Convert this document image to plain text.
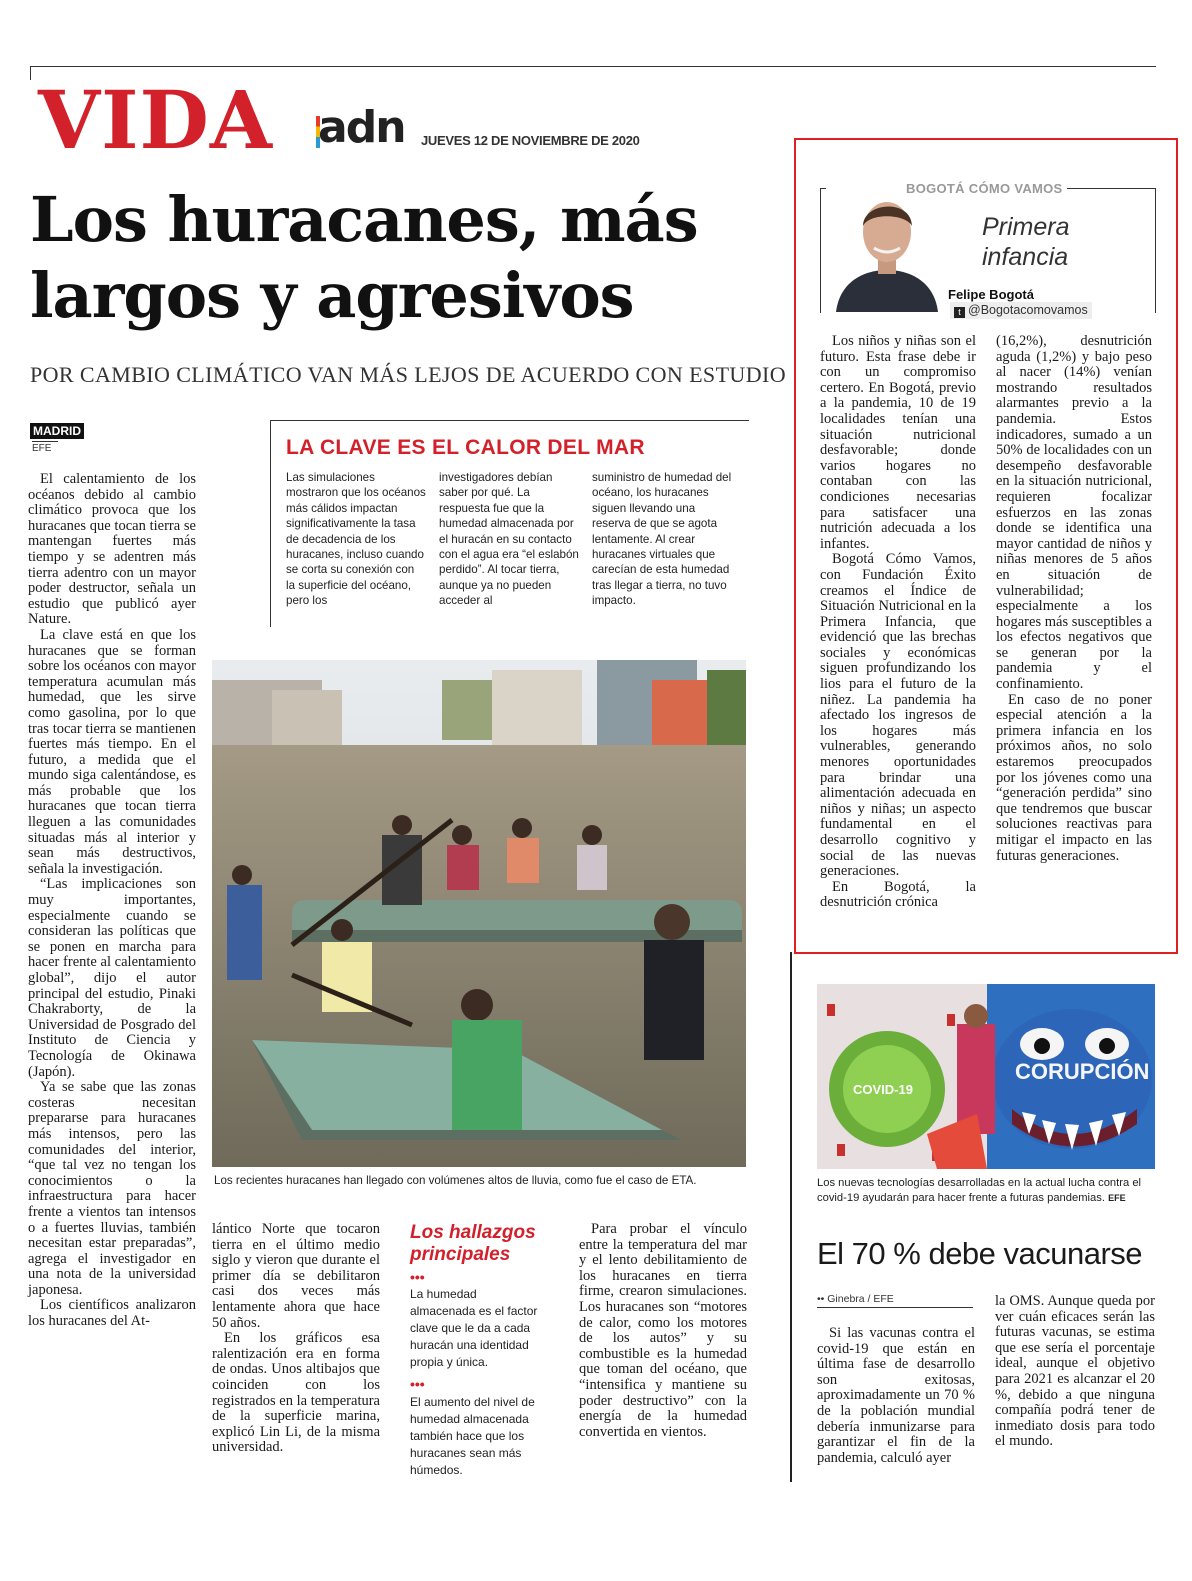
VIDA adn JUEVES 12 DE NOVIEMBRE DE 2020
Los huracanes, más
largos y agresivos
POR CAMBIO CLIMÁTICO VAN MÁS LEJOS DE ACUERDO CON ESTUDIO
MADRID
EFE

El calentamiento de los océanos debido al cambio climático provoca que los huracanes que tocan tierra se mantengan fuertes más tiempo y se adentren más tierra adentro con un mayor poder destructor, señala un estudio que publicó ayer Nature.

La clave está en que los huracanes que se forman sobre los océanos con mayor temperatura acumulan más humedad, que les sirve como gasolina, por lo que tras tocar tierra se mantienen fuertes más tiempo. En el futuro, a medida que el mundo siga calentándose, es más probable que los huracanes que tocan tierra lleguen a las comunidades situadas más al interior y sean más destructivos, señala la investigación.

“Las implicaciones son muy importantes, especialmente cuando se consideran las políticas que se ponen en marcha para hacer frente al calentamiento global”, dijo el autor principal del estudio, Pinaki Chakraborty, de la Universidad de Posgrado del Instituto de Ciencia y Tecnología de Okinawa (Japón).

Ya se sabe que las zonas costeras necesitan prepararse para huracanes más intensos, pero las comunidades del interior, “que tal vez no tengan los conocimientos o la infraestructura para hacer frente a vientos tan intensos o a fuertes lluvias, también necesitan estar preparadas”, agrega el investigador en una nota de la universidad japonesa.

Los científicos analizaron los huracanes del At-

LA CLAVE ES EL CALOR DEL MAR
Las simulaciones mostraron que los océanos más cálidos impactan significativamente la tasa de decadencia de los huracanes, incluso cuando se corta su conexión con la superficie del océano, pero los
investigadores debían saber por qué. La respuesta fue que la humedad almacenada por el huracán en su contacto con el agua era “el eslabón perdido”. Al tocar tierra, aunque ya no pueden acceder al
suministro de humedad del océano, los huracanes siguen llevando una reserva de que se agota lentamente. Al crear huracanes virtuales que carecían de esta humedad tras llegar a tierra, no tuvo impacto.
Los recientes huracanes han llegado con volúmenes altos de lluvia, como fue el caso de ETA.

lántico Norte que tocaron tierra en el último medio siglo y vieron que durante el primer día se debilitaron casi dos veces más lentamente ahora que hace 50 años.

En los gráficos esa ralentización era en forma de ondas. Unos altibajos que coinciden con los registrados en la temperatura de la superficie marina, explicó Lin Li, de la misma universidad.

Los hallazgos
principales
•••
La humedad almacenada es el factor clave que le da a cada huracán una identidad propia y única.
•••
El aumento del nivel de humedad almacenada también hace que los huracanes sean más húmedos.

Para probar el vínculo entre la temperatura del mar y el lento debilitamiento de los huracanes en tierra firme, crearon simulaciones. Los huracanes son “motores de calor, como los motores de los autos” y su combustible es la humedad que toman del océano, que “intensifica y mantiene su poder destructivo” con la energía de la humedad convertida en vientos.

BOGOTÁ CÓMO VAMOS
Primera
infancia
Felipe Bogotá
t @Bogotacomovamos

Los niños y niñas son el futuro. Esta frase debe ir con un compromiso certero. En Bogotá, previo a la pandemia, 10 de 19 localidades tenían una situación nutricional desfavorable; donde varios hogares no contaban con las condiciones necesarias para satisfacer una nutrición adecuada a los infantes.

Bogotá Cómo Vamos, con Fundación Éxito creamos el Índice de Situación Nutricional en la Primera Infancia, que evidenció que las brechas sociales y económicas siguen profundizando los lios para el futuro de la niñez. La pandemia ha afectado los ingresos de los hogares más vulnerables, generando menores oportunidades para brindar una alimentación adecuada en niños y niñas; un aspecto fundamental en el desarrollo cognitivo y social de las nuevas generaciones.

En Bogotá, la desnutrición crónica

(16,2%), desnutrición aguda (1,2%) y bajo peso al nacer (14%) venían mostrando resultados alarmantes previo a la pandemia. Estos indicadores, sumado a un 50% de localidades con un desempeño desfavorable en la situación nutricional, requieren focalizar esfuerzos en las zonas donde se identifica una mayor cantidad de niños y niñas menores de 5 años en situación de vulnerabilidad; especialmente a los hogares más susceptibles a los efectos negativos que se generan por la pandemia y el confinamiento.

En caso de no poner especial atención a la primera infancia en los próximos años, no solo estaremos preocupados por los jóvenes como una “generación perdida” sino que tendremos que buscar soluciones reactivas para mitigar el impacto en las futuras generaciones.

COVID-19
CORUPCIÓN
Los nuevas tecnologías desarrolladas en la actual lucha contra el covid-19 ayudarán para hacer frente a futuras pandemias. EFE
El 70 % debe vacunarse
•• Ginebra / EFE

Si las vacunas contra el covid-19 que están en última fase de desarrollo son exitosas, aproximadamente un 70 % de la población mundial debería inmunizarse para garantizar el fin de la pandemia, calculó ayer

la OMS. Aunque queda por ver cuán eficaces serán las futuras vacunas, se estima que ese sería el porcentaje ideal, aunque el objetivo para 2021 es alcanzar el 20 %, debido a que ninguna compañía podrá tener de inmediato dosis para todo el mundo.
